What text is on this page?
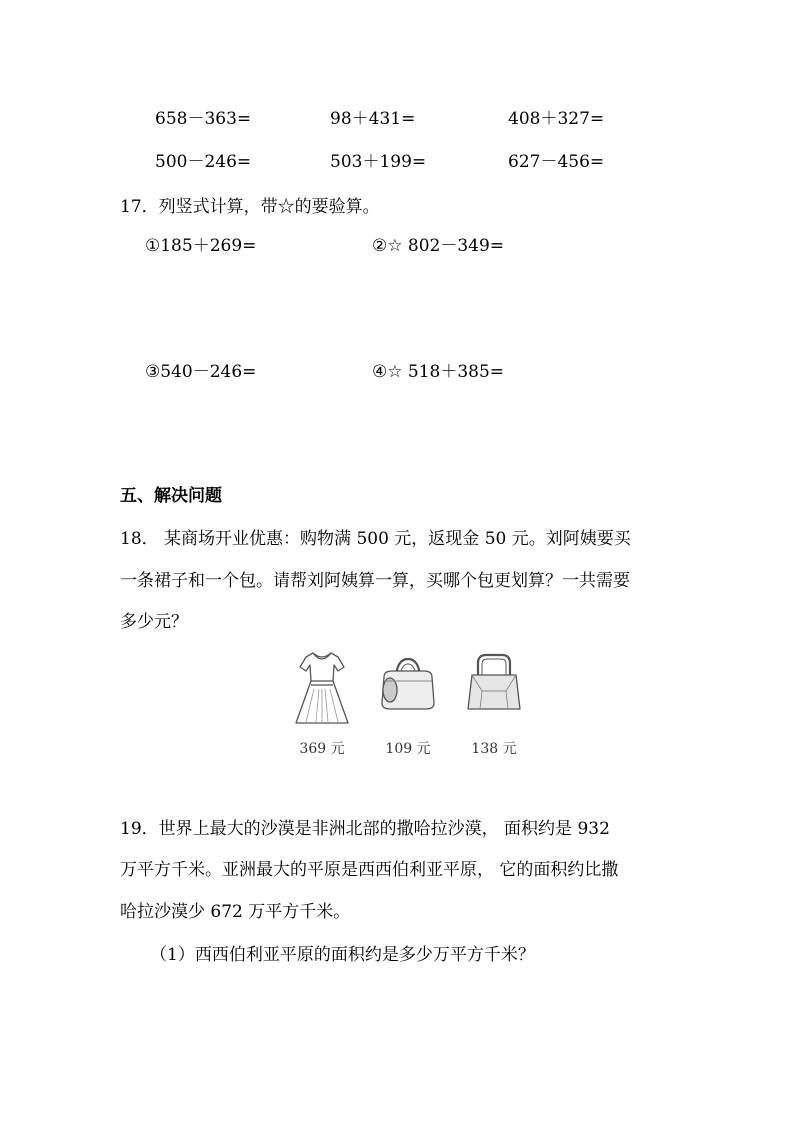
658－363=	98＋431=	408＋327=
500－246=	503＋199=	627－456=
17．列竖式计算，带☆的要验算。
①185＋269=	②☆ 802－349=
③540－246=	④☆ 518＋385=
五、解决问题
18． 某商场开业优惠：购物满 500 元，返现金 50 元。刘阿姨要买
一条裙子和一个包。请帮刘阿姨算一算，买哪个包更划算？一共需要
多少元？
369 元	109 元	138 元
19．世界上最大的沙漠是非洲北部的撒哈拉沙漠， 面积约是 932
万平方千米。亚洲最大的平原是西西伯利亚平原， 它的面积约比撒
哈拉沙漠少 672 万平方千米。
（1）西西伯利亚平原的面积约是多少万平方千米？
